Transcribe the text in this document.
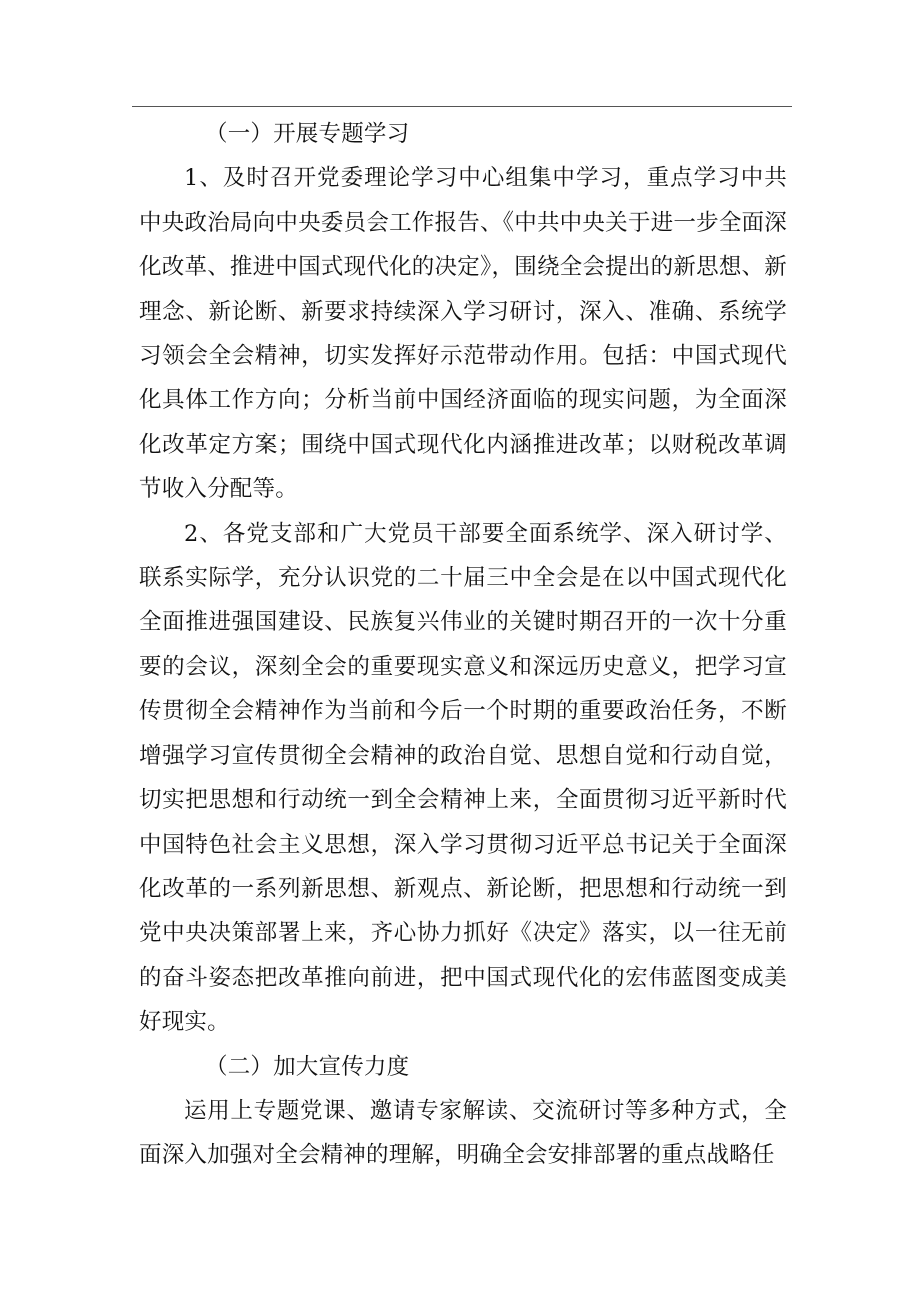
（一）开展专题学习

1、及时召开党委理论学习中心组集中学习，重点学习中共中央政治局向中央委员会工作报告、《中共中央关于进一步全面深化改革、推进中国式现代化的决定》，围绕全会提出的新思想、新理念、新论断、新要求持续深入学习研讨，深入、准确、系统学习领会全会精神，切实发挥好示范带动作用。包括：中国式现代化具体工作方向；分析当前中国经济面临的现实问题，为全面深化改革定方案；围绕中国式现代化内涵推进改革；以财税改革调节收入分配等。

2、各党支部和广大党员干部要全面系统学、深入研讨学、联系实际学，充分认识党的二十届三中全会是在以中国式现代化全面推进强国建设、民族复兴伟业的关键时期召开的一次十分重要的会议，深刻全会的重要现实意义和深远历史意义，把学习宣传贯彻全会精神作为当前和今后一个时期的重要政治任务，不断增强学习宣传贯彻全会精神的政治自觉、思想自觉和行动自觉，切实把思想和行动统一到全会精神上来，全面贯彻习近平新时代中国特色社会主义思想，深入学习贯彻习近平总书记关于全面深化改革的一系列新思想、新观点、新论断，把思想和行动统一到党中央决策部署上来，齐心协力抓好《决定》落实，以一往无前的奋斗姿态把改革推向前进，把中国式现代化的宏伟蓝图变成美好现实。

（二）加大宣传力度

运用上专题党课、邀请专家解读、交流研讨等多种方式，全面深入加强对全会精神的理解，明确全会安排部署的重点战略任
